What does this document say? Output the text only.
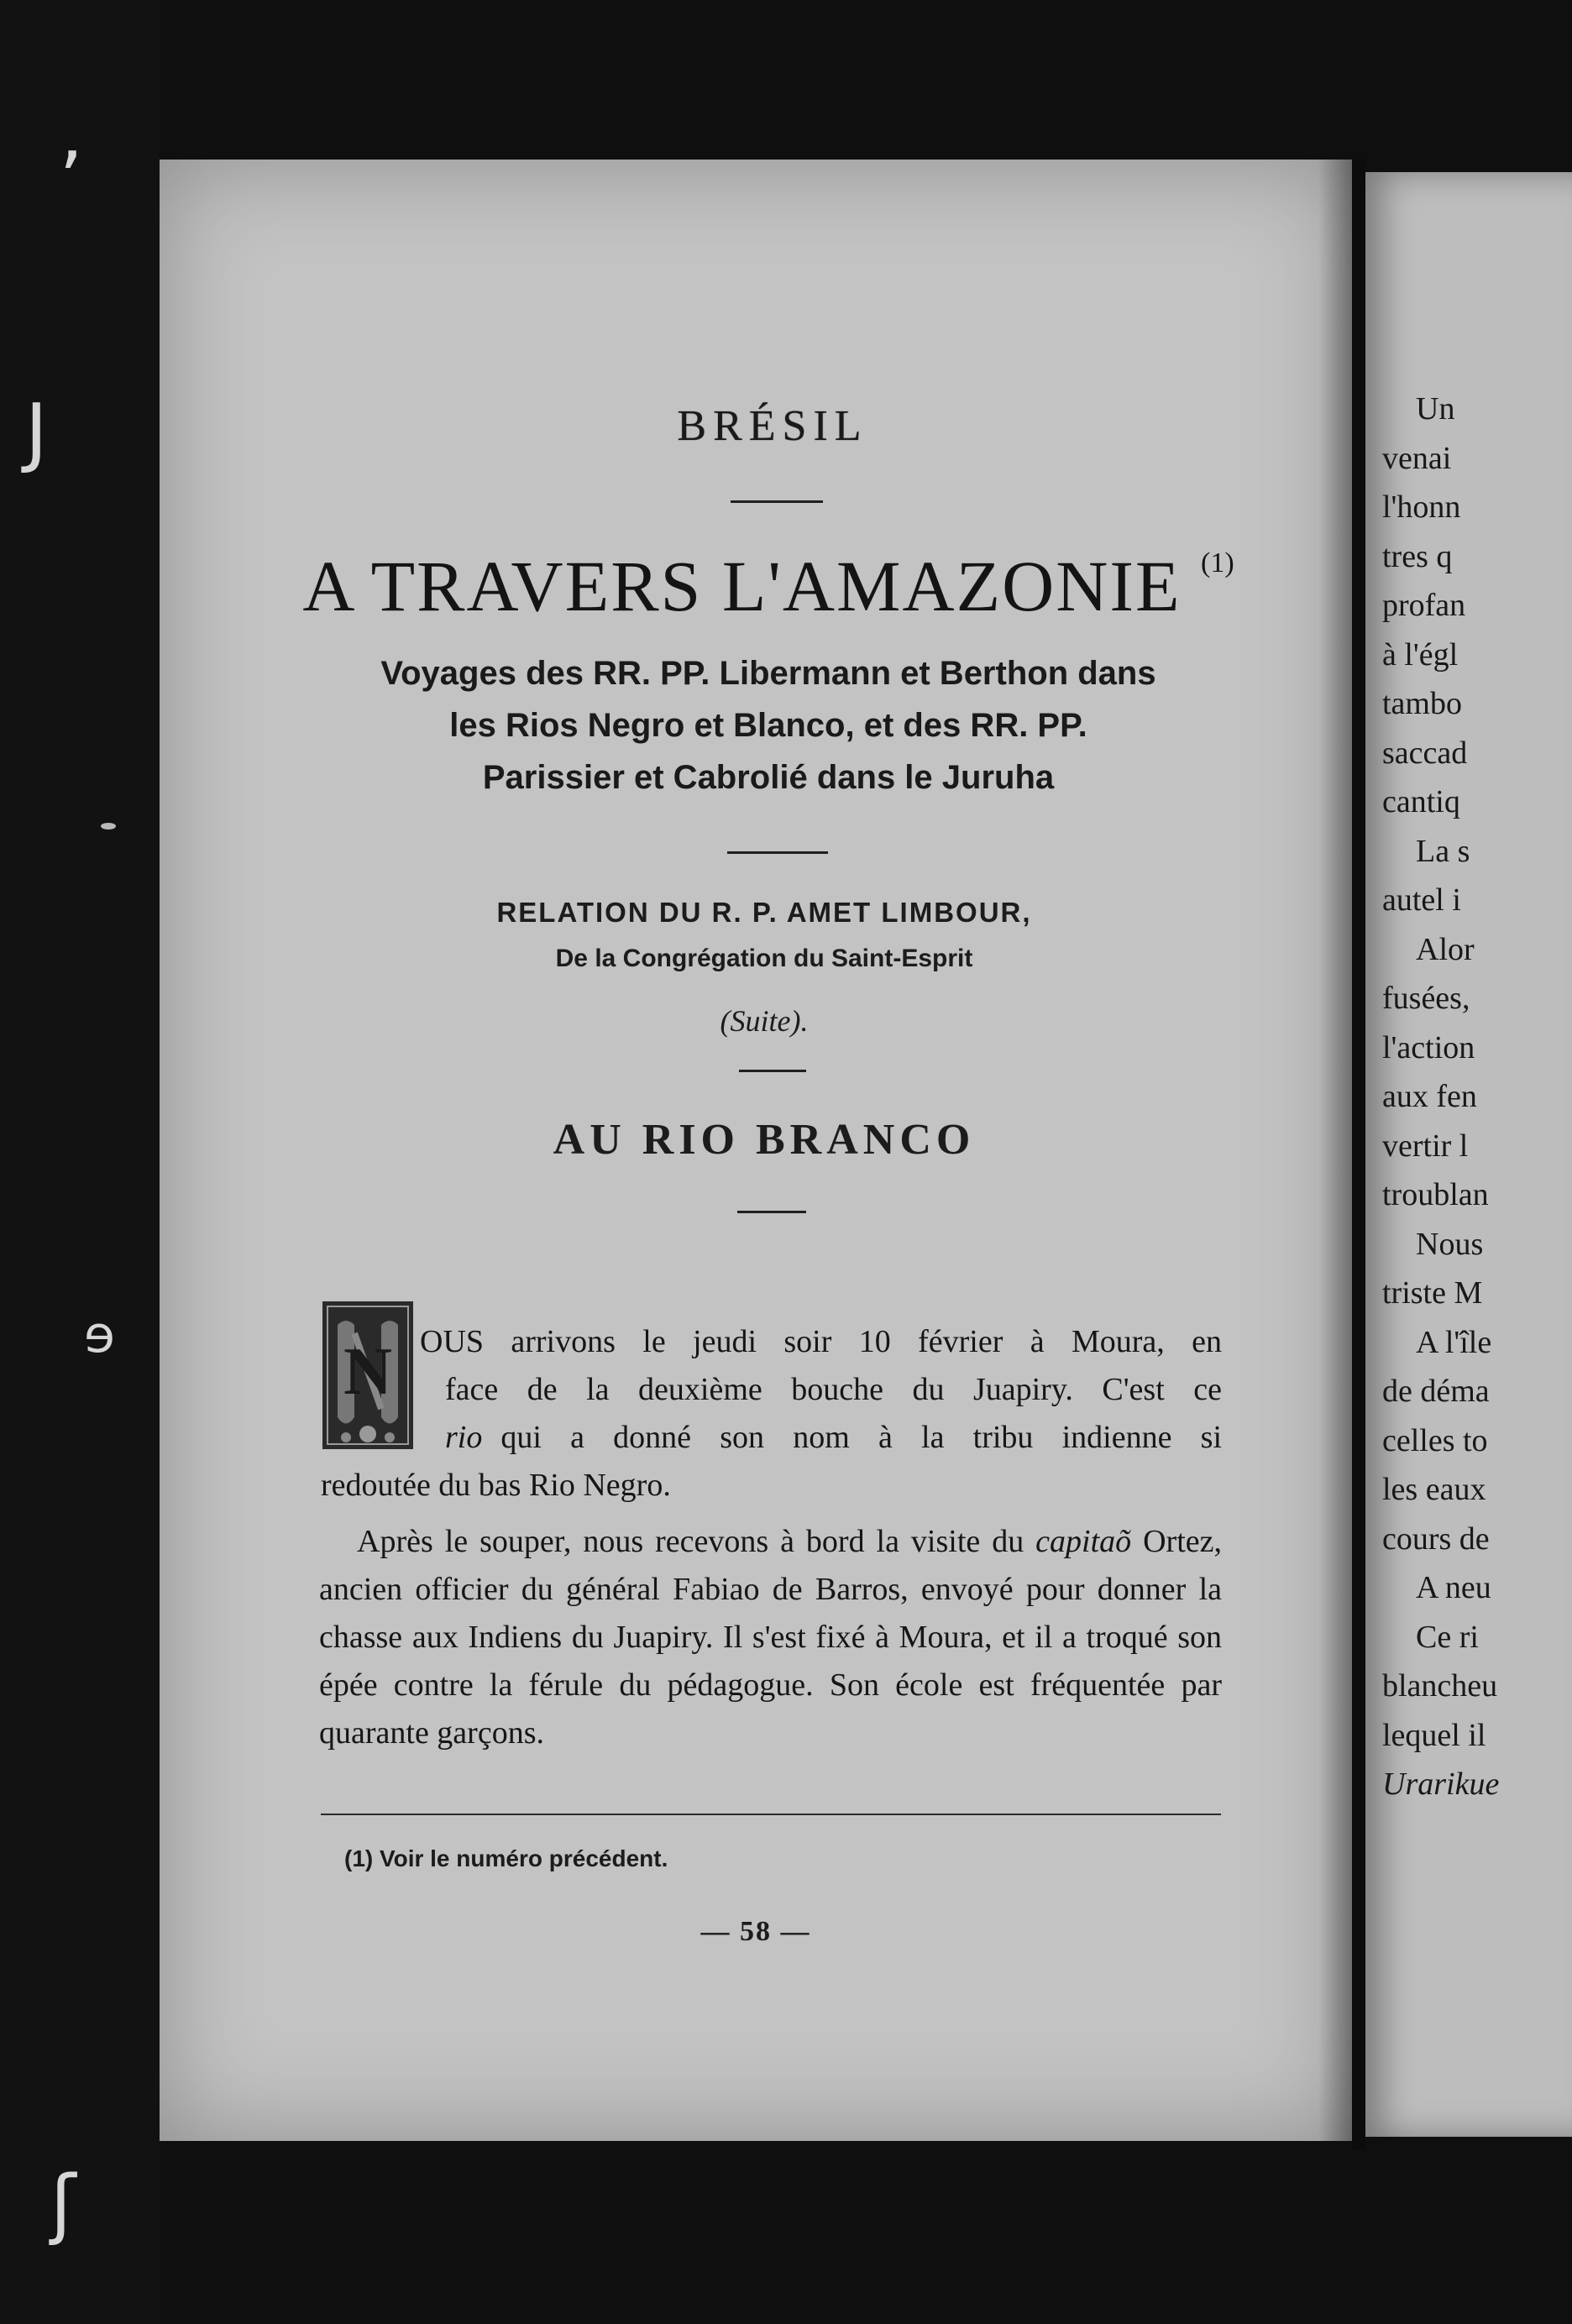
ʼ
J
ɘ
ʃ
Un
venai
l'honn
tres q
profan
à l'égl
tambo
saccad
cantiq
La s
autel i
Alor
fusées,
l'action
aux fen
vertir l
troublan
Nous
triste M
A l'île
de déma
celles to
les eaux
cours de
A neu
Ce ri
blancheu
lequel il
Urarikue
BRÉSIL
A TRAVERS L'AMAZONIE $^{(1)}$
Voyages des RR. PP. Libermann et Berthon dans
les Rios Negro et Blanco, et des RR. PP.
Parissier et Cabrolié dans le Juruha
RELATION DU R. P. AMET LIMBOUR,
De la Congrégation du Saint-Esprit
(Suite).
AU RIO BRANCO
N OUS arrivons le jeudi soir 10 février à Moura, en
face de la deuxième bouche du Juapiry. C'est ce
rio qui a donné son nom à la tribu indienne si
redoutée du bas Rio Negro.
Après le souper, nous recevons à bord la visite du capitaõ Ortez, ancien officier du général Fabiao de Barros, envoyé pour donner la chasse aux Indiens du Juapiry. Il s'est fixé à Moura, et il a troqué son épée contre la férule du pédagogue. Son école est fréquentée par quarante garçons.
(1) Voir le numéro précédent.
— 58 —
